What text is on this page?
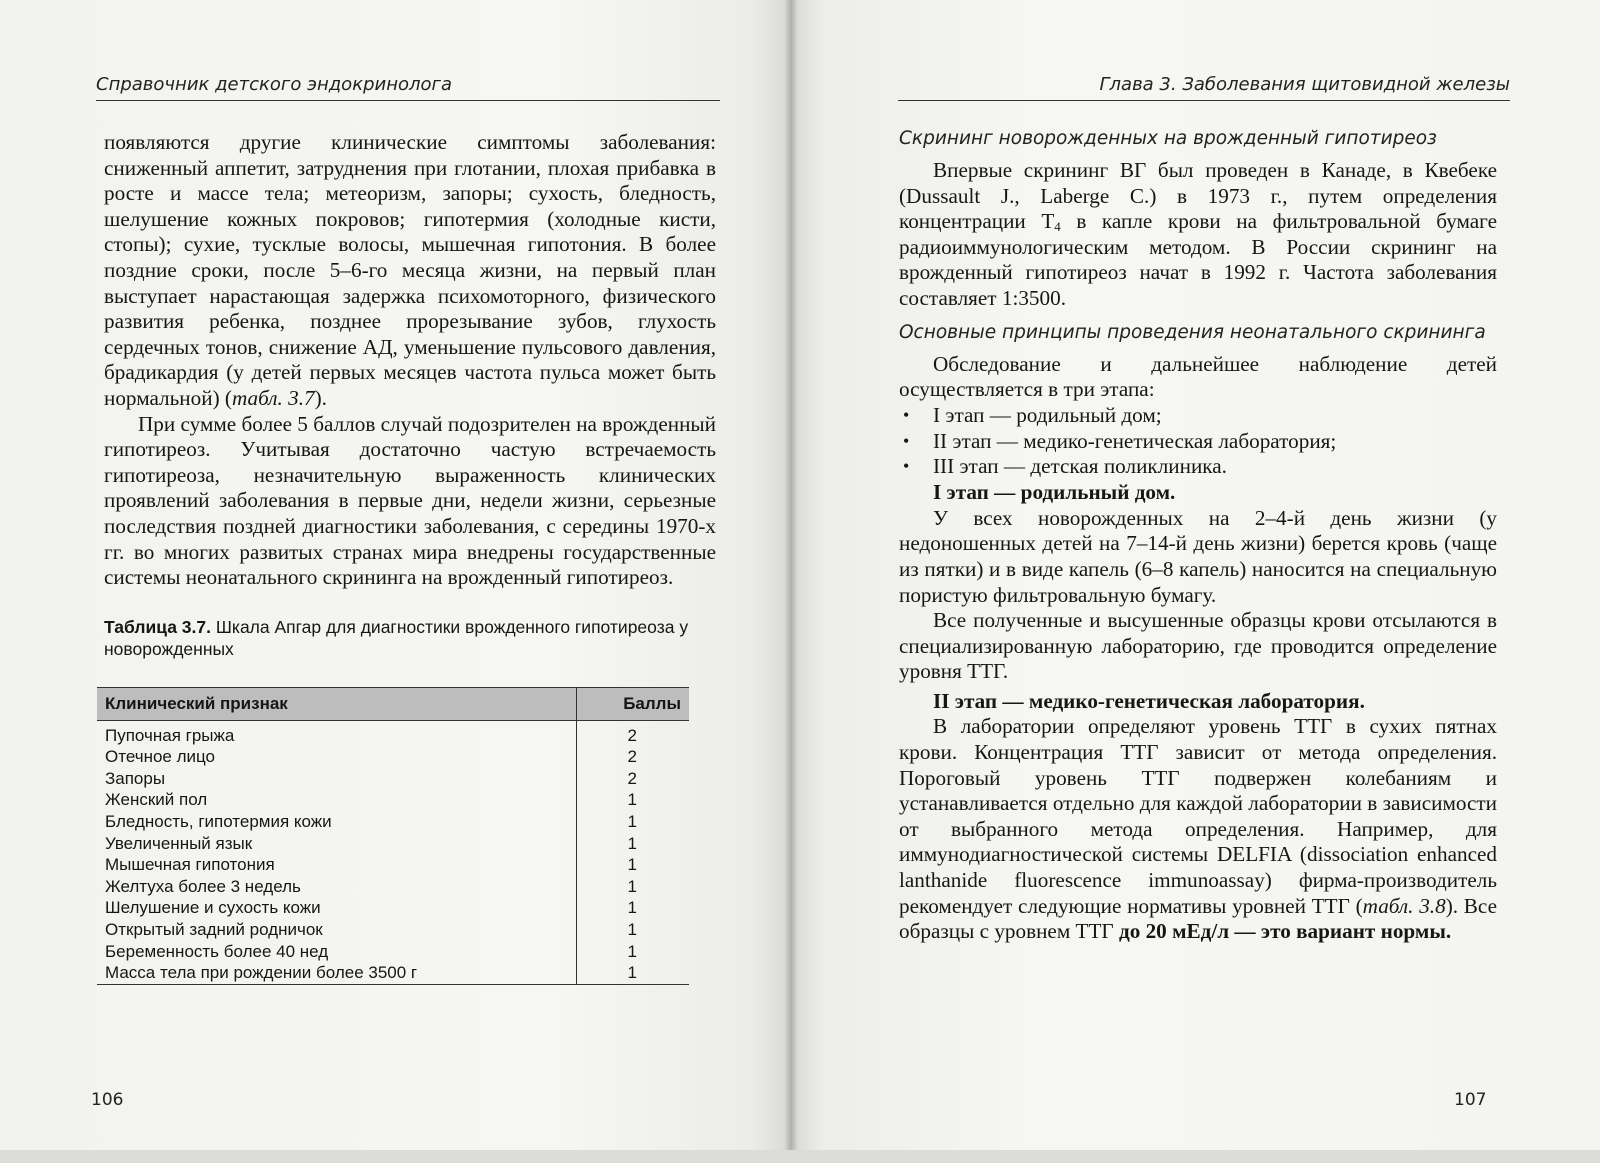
Справочник детского эндокринолога

появляются другие клинические симптомы заболевания: сниженный аппетит, затруднения при глотании, плохая прибавка в росте и массе тела; метеоризм, запоры; сухость, бледность, шелушение кожных покровов; гипотермия (холодные кисти, стопы); сухие, тусклые волосы, мышечная гипотония. В более поздние сроки, после 5–6-го месяца жизни, на первый план выступает нарастающая задержка психомоторного, физического развития ребенка, позднее прорезывание зубов, глухость сердечных тонов, снижение АД, уменьшение пульсового давления, брадикардия (у детей первых месяцев частота пульса может быть нормальной) (табл. 3.7).

При сумме более 5 баллов случай подозрителен на врожденный гипотиреоз. Учитывая достаточно частую встречаемость гипотиреоза, незначительную выраженность клинических проявлений заболевания в первые дни, недели жизни, серьезные последствия поздней диагностики заболевания, с середины 1970-х гг. во многих развитых странах мира внедрены государственные системы неонатального скрининга на врожденный гипотиреоз.

Таблица 3.7. Шкала Апгар для диагностики врожденного гипотиреоза у новорожденных
Клинический признак	Баллы
Пупочная грыжа	2
Отечное лицо	2
Запоры	2
Женский пол	1
Бледность, гипотермия кожи	1
Увеличенный язык	1
Мышечная гипотония	1
Желтуха более 3 недель	1
Шелушение и сухость кожи	1
Открытый задний родничок	1
Беременность более 40 нед	1
Масса тела при рождении более 3500 г	1
106
Глава 3. Заболевания щитовидной железы
Скрининг новорожденных на врожденный гипотиреоз

Впервые скрининг ВГ был проведен в Канаде, в Квебеке (Dussault J., Laberge C.) в 1973 г., путем определения концентрации $Т_4$ в капле крови на фильтровальной бумаге радиоиммунологическим методом. В России скрининг на врожденный гипотиреоз начат в 1992 г. Частота заболевания составляет 1:3500.

Основные принципы проведения неонатального скрининга

Обследование и дальнейшее наблюдение детей осуществляется в три этапа:

• I этап — родильный дом;
• II этап — медико-генетическая лаборатория;
• III этап — детская поликлиника.

I этап — родильный дом.

У всех новорожденных на 2–4-й день жизни (у недоношенных детей на 7–14-й день жизни) берется кровь (чаще из пятки) и в виде капель (6–8 капель) наносится на специальную пористую фильтровальную бумагу.

Все полученные и высушенные образцы крови отсылаются в специализированную лабораторию, где проводится определение уровня ТТГ.

II этап — медико-генетическая лаборатория.

В лаборатории определяют уровень ТТГ в сухих пятнах крови. Концентрация ТТГ зависит от метода определения. Пороговый уровень ТТГ подвержен колебаниям и устанавливается отдельно для каждой лаборатории в зависимости от выбранного метода определения. Например, для иммунодиагностической системы DELFIA (dissociation enhanced lanthanide fluorescence immunoassay) фирма-производитель рекомендует следующие нормативы уровней ТТГ (табл. 3.8). Все образцы с уровнем ТТГ до 20 мЕд/л — это вариант нормы.

107
